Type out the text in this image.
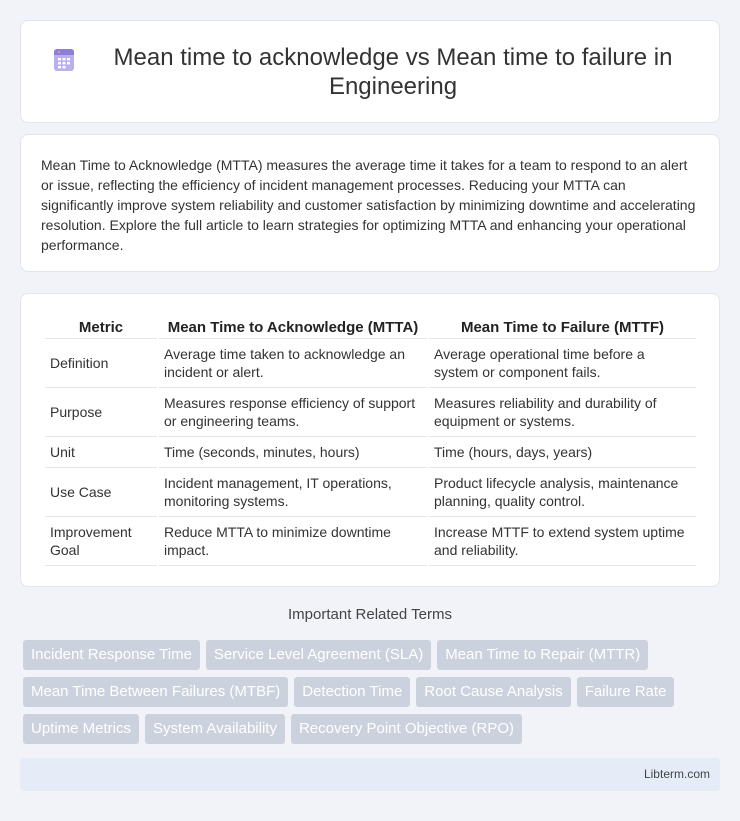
Mean time to acknowledge vs Mean time to failure in Engineering

Mean Time to Acknowledge (MTTA) measures the average time it takes for a team to respond to an alert or issue, reflecting the efficiency of incident management processes. Reducing your MTTA can significantly improve system reliability and customer satisfaction by minimizing downtime and accelerating resolution. Explore the full article to learn strategies for optimizing MTTA and enhancing your operational performance.

Metric	Mean Time to Acknowledge (MTTA)	Mean Time to Failure (MTTF)
Definition	Average time taken to acknowledge an incident or alert.	Average operational time before a system or component fails.
Purpose	Measures response efficiency of support or engineering teams.	Measures reliability and durability of equipment or systems.
Unit	Time (seconds, minutes, hours)	Time (hours, days, years)
Use Case	Incident management, IT operations, monitoring systems.	Product lifecycle analysis, maintenance planning, quality control.
Improvement Goal	Reduce MTTA to minimize downtime impact.	Increase MTTF to extend system uptime and reliability.
Important Related Terms
Incident Response Time	Service Level Agreement (SLA)	Mean Time to Repair (MTTR)
Mean Time Between Failures (MTBF)	Detection Time	Root Cause Analysis	Failure Rate
Uptime Metrics	System Availability	Recovery Point Objective (RPO)
Libterm.com
